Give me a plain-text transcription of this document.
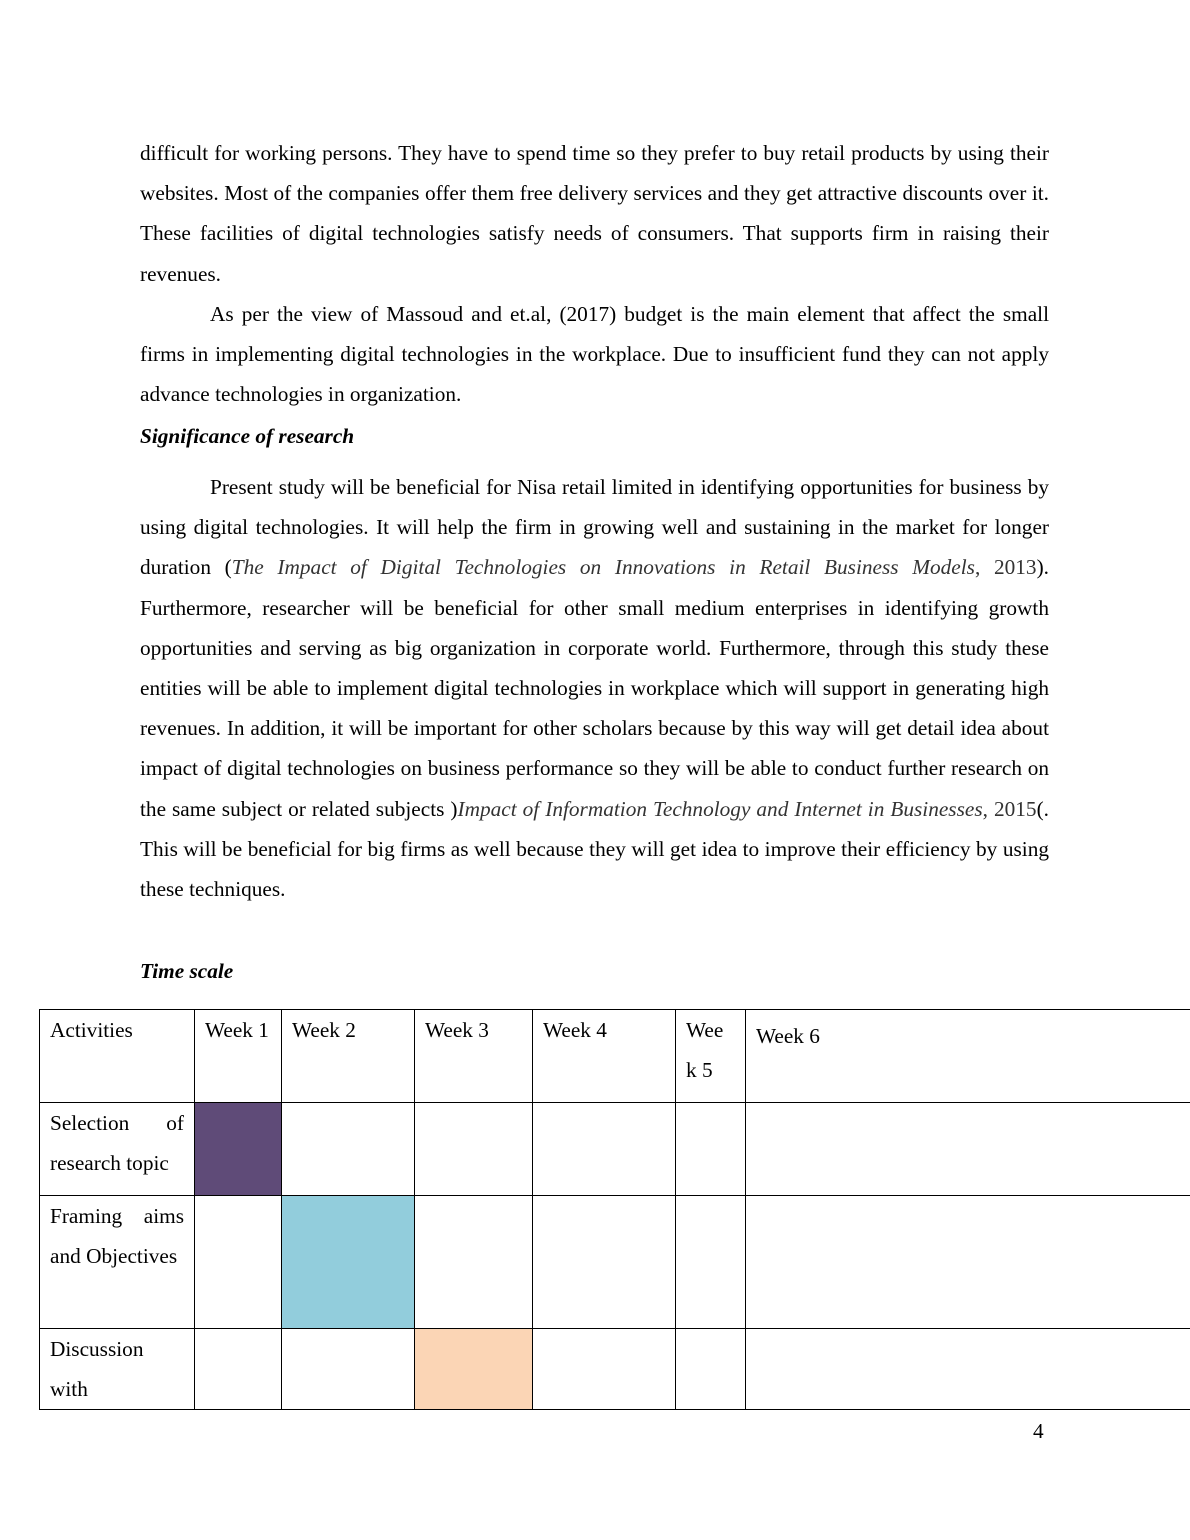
difficult for working persons. They have to spend time so they prefer to buy retail products by using their websites. Most of the companies offer them free delivery services and they get attractive discounts over it. These facilities of digital technologies satisfy needs of consumers. That supports firm in raising their revenues.

As per the view of Massoud and et.al, (2017) budget is the main element that affect the small firms in implementing digital technologies in the workplace. Due to insufficient fund they can not apply advance technologies in organization.

Significance of research

Present study will be beneficial for Nisa retail limited in identifying opportunities for business by using digital technologies. It will help the firm in growing well and sustaining in the market for longer duration (The Impact of Digital Technologies on Innovations in Retail Business Models, 2013). Furthermore, researcher will be beneficial for other small medium enterprises in identifying growth opportunities and serving as big organization in corporate world. Furthermore, through this study these entities will be able to implement digital technologies in workplace which will support in generating high revenues. In addition, it will be important for other scholars because by this way will get detail idea about impact of digital technologies on business performance so they will be able to conduct further research on the same subject or related subjects )Impact of Information Technology and Internet in Businesses, 2015(. This will be beneficial for big firms as well because they will get idea to improve their efficiency by using these techniques.

Time scale
Activities	Week 1	Week 2	Week 3	Week 4	Wee k 5	Week 6
Selection of research topic						
Framing aims and Objectives						
Discussion with						
4
